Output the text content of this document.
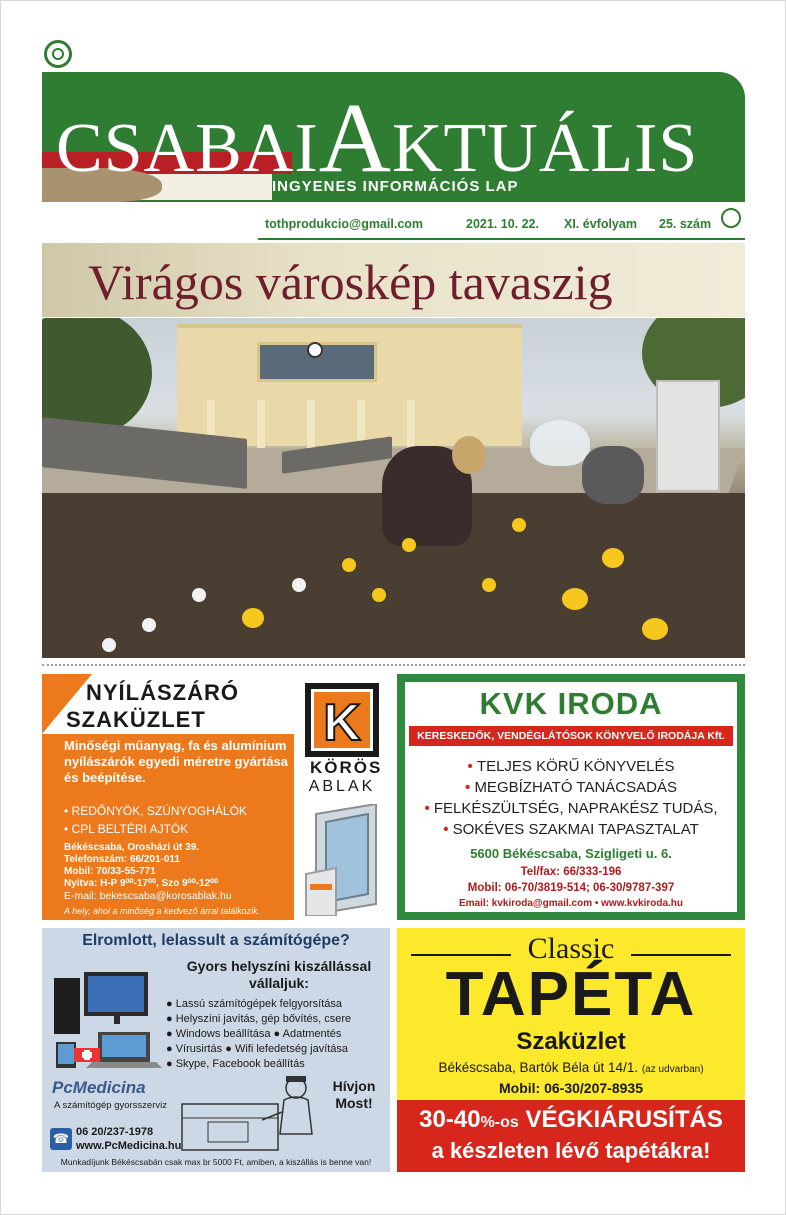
CSABAIAKTUÁLIS
INGYENES INFORMÁCIÓS LAP
tothprodukcio@gmail.com	2021. 10. 22. XI. évfolyam 25. szám
Virágos városkép tavaszig
NYÍLÁSZÁRÓ
SZAKÜZLET
Minőségi műanyag, fa és alumínium nyílászárók egyedi méretre gyártása és beépítése.
• REDŐNYÖK, SZÚNYOGHÁLÓK
• CPL BELTÉRI AJTÓK
Békéscsaba, Orosházi út 39.
Telefonszám: 66/201-011
Mobil: 70/33-55-771
Nyitva: H-P 9⁰⁰-17⁰⁰, Szo 9⁰⁰-12⁰⁰
E-mail: bekescsaba@korosablak.hu
A hely, ahol a minőség a kedvező árral találkozik.
K
KÖRÖS
ABLAK
KVK IRODA
KERESKEDŐK, VENDÉGLÁTÓSOK KÖNYVELŐ IRODÁJA Kft.
• TELJES KÖRŰ KÖNYVELÉS
• MEGBÍZHATÓ TANÁCSADÁS
• FELKÉSZÜLTSÉG, NAPRAKÉSZ TUDÁS,
• SOKÉVES SZAKMAI TAPASZTALAT
5600 Békéscsaba, Szigligeti u. 6.
Tel/fax: 66/333-196
Mobil: 06-70/3819-514; 06-30/9787-397
Email: kvkiroda@gmail.com • www.kvkiroda.hu
Elromlott, lelassult a számítógépe?
Gyors helyszíni kiszállással vállaljuk:
● Lassú számítógépek felgyorsítása
● Helyszíni javítás, gép bővítés, csere
● Windows beállítása ● Adatmentés
● Vírusirtás ● Wifi lefedetség javítása
● Skype, Facebook beállítás
PcMedicina
A számítógép gyorsszerviz
Hívjon Most!
☎ 06 20/237-1978
www.PcMedicina.hu
Munkadíjunk Békéscsabán csak max br 5000 Ft, amiben, a kiszállás is benne van!
Classic
TAPÉTA
Szaküzlet
Békéscsaba, Bartók Béla út 14/1. (az udvarban)
Mobil: 06-30/207-8935
30-40%-os VÉGKIÁRUSÍTÁS
a készleten lévő tapétákra!
